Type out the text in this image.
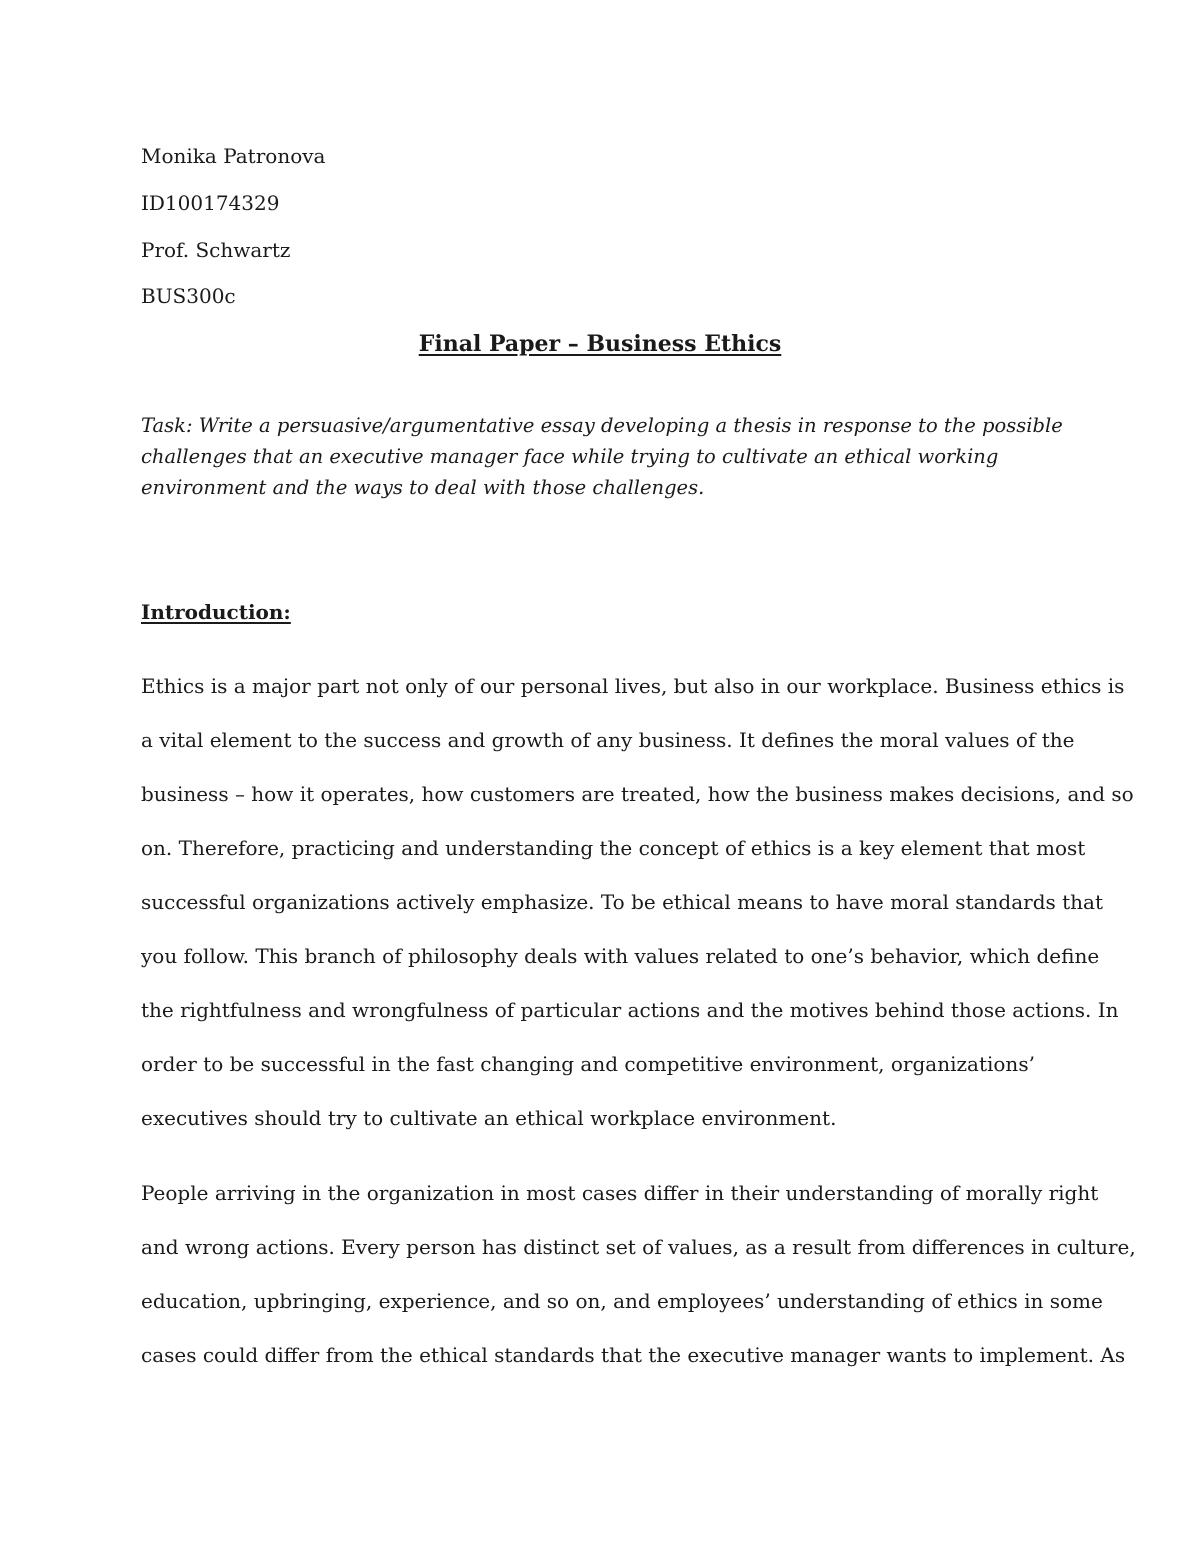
Monika Patronova
ID100174329
Prof. Schwartz
BUS300c
Final Paper – Business Ethics
Task: Write a persuasive/argumentative essay developing a thesis in response to the possible
challenges that an executive manager face while trying to cultivate an ethical working
environment and the ways to deal with those challenges.
Introduction:
Ethics is a major part not only of our personal lives, but also in our workplace. Business ethics is
a vital element to the success and growth of any business. It defines the moral values of the
business – how it operates, how customers are treated, how the business makes decisions, and so
on. Therefore, practicing and understanding the concept of ethics is a key element that most
successful organizations actively emphasize. To be ethical means to have moral standards that
you follow. This branch of philosophy deals with values related to one’s behavior, which define
the rightfulness and wrongfulness of particular actions and the motives behind those actions. In
order to be successful in the fast changing and competitive environment, organizations’
executives should try to cultivate an ethical workplace environment.
People arriving in the organization in most cases differ in their understanding of morally right
and wrong actions. Every person has distinct set of values, as a result from differences in culture,
education, upbringing, experience, and so on, and employees’ understanding of ethics in some
cases could differ from the ethical standards that the executive manager wants to implement. As
